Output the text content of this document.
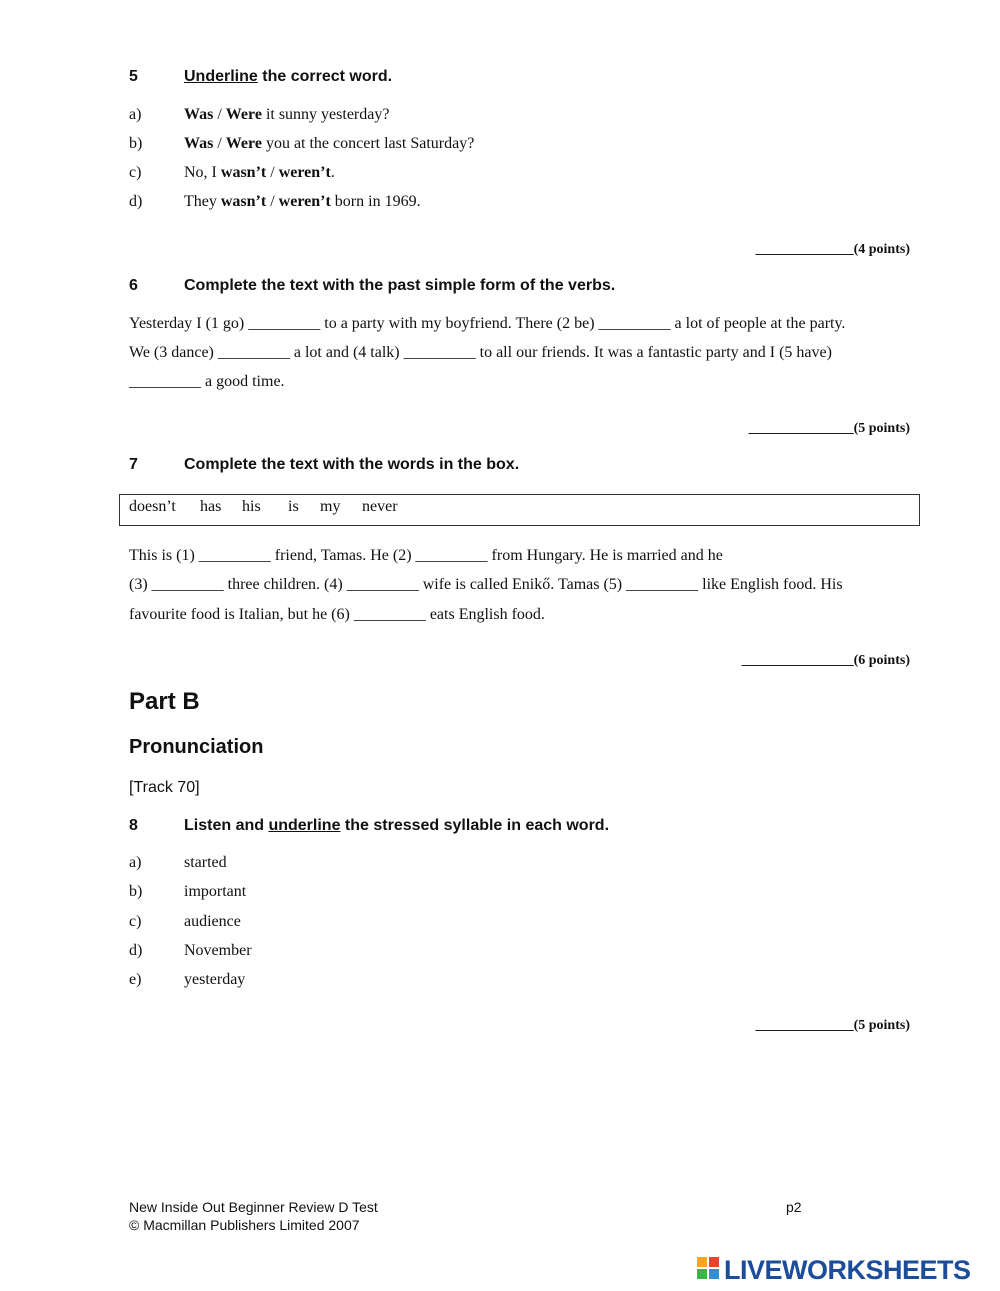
5	Underline the correct word.
a)	Was / Were it sunny yesterday?
b)	Was / Were you at the concert last Saturday?
c)	No, I wasn’t / weren’t.
d)	They wasn’t / weren’t born in 1969.
______________(4 points)
6	Complete the text with the past simple form of the verbs.
Yesterday I (1 go) _________ to a party with my boyfriend. There (2 be) _________ a lot of people at the party.
We (3 dance) _________ a lot and (4 talk) _________ to all our friends. It was a fantastic party and I (5 have)
_________ a good time.
_______________(5 points)
7	Complete the text with the words in the box.
doesn’t has his is my never
This is (1) _________ friend, Tamas. He (2) _________ from Hungary. He is married and he
(3) _________ three children. (4) _________ wife is called Enikő. Tamas (5) _________ like English food. His
favourite food is Italian, but he (6) _________ eats English food.
________________(6 points)
Part B
Pronunciation
[Track 70]
8	Listen and underline the stressed syllable in each word.
a)	started
b)	important
c)	audience
d)	November
e)	yesterday
______________(5 points)
New Inside Out Beginner Review D Test	p2
© Macmillan Publishers Limited 2007
LIVEWORKSHEETS
